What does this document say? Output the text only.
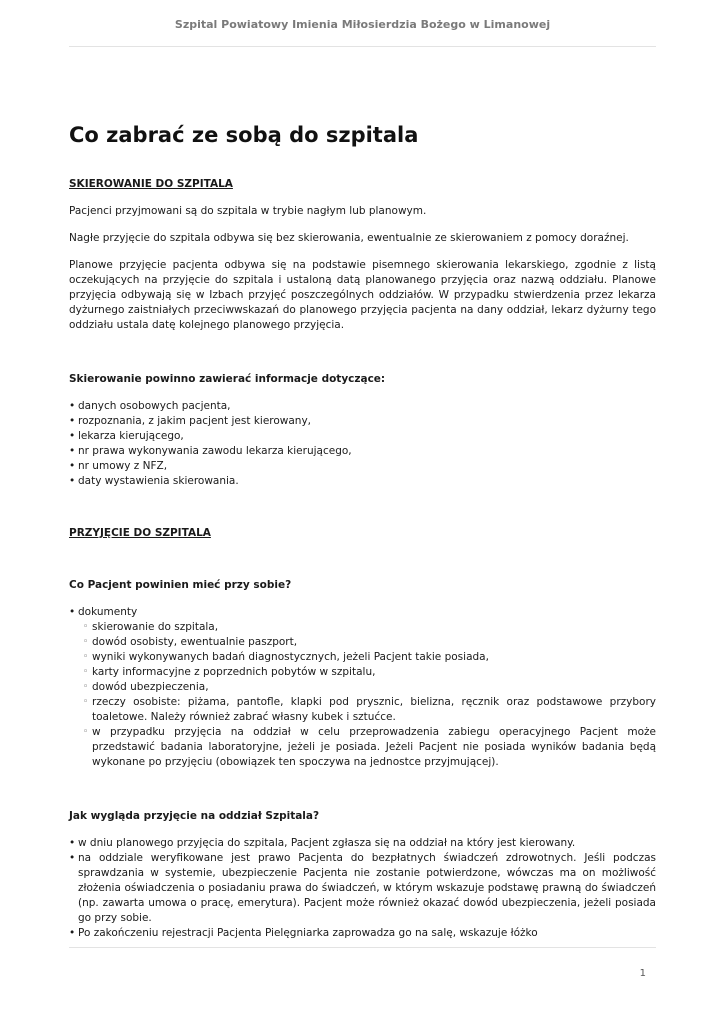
Szpital Powiatowy Imienia Miłosierdzia Bożego w Limanowej
Co zabrać ze sobą do szpitala
SKIEROWANIE DO SZPITALA

Pacjenci przyjmowani są do szpitala w trybie nagłym lub planowym.

Nagłe przyjęcie do szpitala odbywa się bez skierowania, ewentualnie ze skierowaniem z pomocy doraźnej.

Planowe przyjęcie pacjenta odbywa się na podstawie pisemnego skierowania lekarskiego, zgodnie z listą oczekujących na przyjęcie do szpitala i ustaloną datą planowanego przyjęcia oraz nazwą oddziału. Planowe przyjęcia odbywają się w Izbach przyjęć poszczególnych oddziałów. W przypadku stwierdzenia przez lekarza dyżurnego zaistniałych przeciwwskazań do planowego przyjęcia pacjenta na dany oddział, lekarz dyżurny tego oddziału ustala datę kolejnego planowego przyjęcia.

Skierowanie powinno zawierać informacje dotyczące:

• danych osobowych pacjenta,
• rozpoznania, z jakim pacjent jest kierowany,
• lekarza kierującego,
• nr prawa wykonywania zawodu lekarza kierującego,
• nr umowy z NFZ,
• daty wystawienia skierowania.
PRZYJĘCIE DO SZPITALA

Co Pacjent powinien mieć przy sobie?

• dokumenty
◦ skierowanie do szpitala,
◦ dowód osobisty, ewentualnie paszport,
◦ wyniki wykonywanych badań diagnostycznych, jeżeli Pacjent takie posiada,
◦ karty informacyjne z poprzednich pobytów w szpitalu,
◦ dowód ubezpieczenia,
◦ rzeczy osobiste: piżama, pantofle, klapki pod prysznic, bielizna, ręcznik oraz podstawowe przybory toaletowe. Należy również zabrać własny kubek i sztućce.
◦ w przypadku przyjęcia na oddział w celu przeprowadzenia zabiegu operacyjnego Pacjent może przedstawić badania laboratoryjne, jeżeli je posiada. Jeżeli Pacjent nie posiada wyników badania będą wykonane po przyjęciu (obowiązek ten spoczywa na jednostce przyjmującej).

Jak wygląda przyjęcie na oddział Szpitala?

• w dniu planowego przyjęcia do szpitala, Pacjent zgłasza się na oddział na który jest kierowany.
• na oddziale weryfikowane jest prawo Pacjenta do bezpłatnych świadczeń zdrowotnych. Jeśli podczas sprawdzania w systemie, ubezpieczenie Pacjenta nie zostanie potwierdzone, wówczas ma on możliwość złożenia oświadczenia o posiadaniu prawa do świadczeń, w którym wskazuje podstawę prawną do świadczeń (np. zawarta umowa o pracę, emerytura). Pacjent może również okazać dowód ubezpieczenia, jeżeli posiada go przy sobie.
• Po zakończeniu rejestracji Pacjenta Pielęgniarka zaprowadza go na salę, wskazuje łóżko
1
